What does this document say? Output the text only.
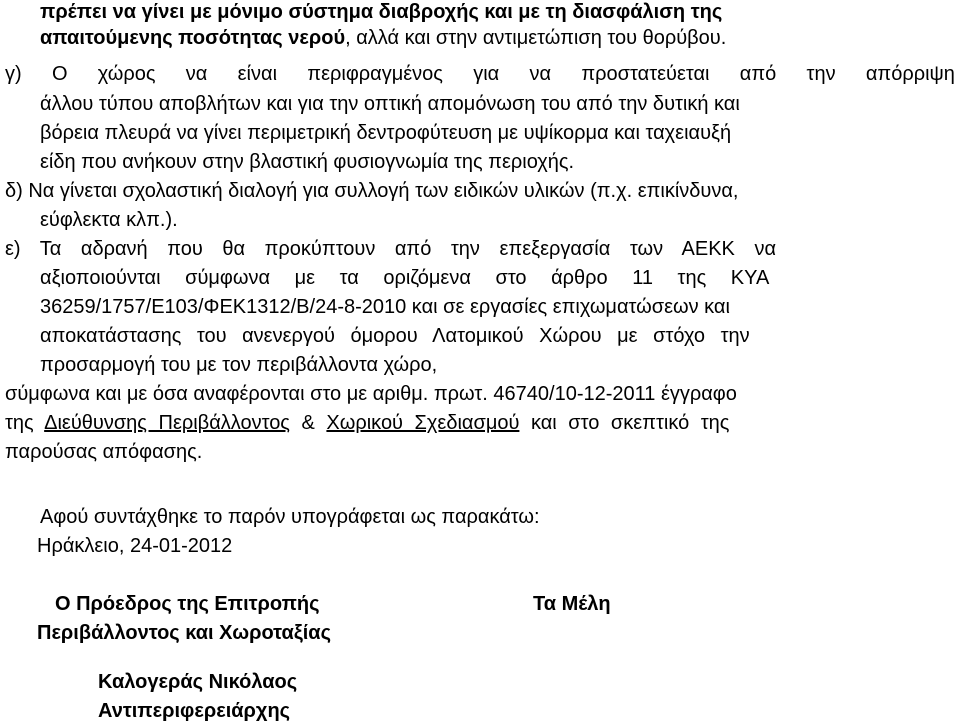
πρέπει να γίνει με μόνιμο σύστημα διαβροχής και με τη διασφάλιση της
απαιτούμενης ποσότητας νερού, αλλά και στην αντιμετώπιση του θορύβου.
γ) Ο χώρος να είναι περιφραγμένος για να προστατεύεται από την απόρριψη
άλλου τύπου αποβλήτων και για την οπτική απομόνωση του από την δυτική και
βόρεια πλευρά να γίνει περιμετρική δεντροφύτευση με υψίκορμα και ταχειαυξή
είδη που ανήκουν στην βλαστική φυσιογνωμία της περιοχής.
δ) Να γίνεται σχολαστική διαλογή για συλλογή των ειδικών υλικών (π.χ. επικίνδυνα,
εύφλεκτα κλπ.).
ε) Τα αδρανή που θα προκύπτουν από την επεξεργασία των ΑΕΚΚ να
αξιοποιούνται σύμφωνα με τα οριζόμενα στο άρθρο 11 της ΚΥΑ
36259/1757/Ε103/ΦΕΚ1312/Β/24-8-2010 και σε εργασίες επιχωματώσεων και
αποκατάστασης του ανενεργού όμορου Λατομικού Χώρου με στόχο την
προσαρμογή του με τον περιβάλλοντα χώρο,
σύμφωνα και με όσα αναφέρονται στο με αριθμ. πρωτ. 46740/10-12-2011 έγγραφο
της Διεύθυνσης Περιβάλλοντος & Χωρικού Σχεδιασμού και στο σκεπτικό της
παρούσας απόφασης.
Αφού συντάχθηκε το παρόν υπογράφεται ως παρακάτω:
Ηράκλειο, 24-01-2012
Ο Πρόεδρος της Επιτροπής
Περιβάλλοντος και Χωροταξίας
Τα Μέλη
Καλογεράς Νικόλαος
Αντιπεριφερειάρχης
